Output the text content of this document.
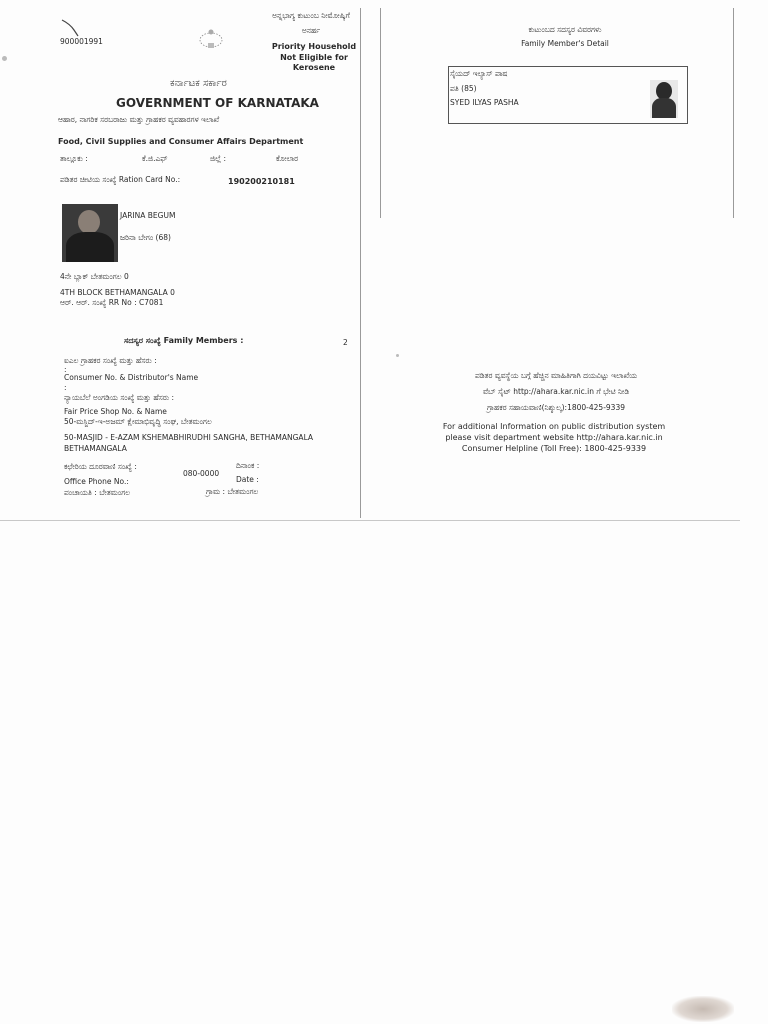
900001991
ಅನ್ನಭಾಗ್ಯ ಕುಟುಂಬ ನೀಮೋಷ್ಕಿಗೆ
ಅನರ್ಹ
Priority Household
Not Eligible for
Kerosene
ಕರ್ನಾಟಕ ಸರ್ಕಾರ
GOVERNMENT OF KARNATAKA
ಆಹಾರ, ನಾಗರಿಕ ಸರಬರಾಜು ಮತ್ತು ಗ್ರಾಹಕರ ವ್ಯವಹಾರಗಳ ಇಲಾಖೆ
Food, Civil Supplies and Consumer Affairs Department
ತಾಲ್ಲೂಕು :	ಕೆ.ಜಿ.ಎಫ್	ಜಿಲ್ಲೆ :	ಕೋಲಾರ
ಪಡಿತರ ಚೀಟಿಯ ಸಂಖ್ಯೆ Ration Card No.:	190200210181
JARINA BEGUM
ಜರಿನಾ ಬೇಗಂ (68)
4ನೇ ಬ್ಲಾಕ್ ಬೇತಮಂಗಲ 0
4TH BLOCK BETHAMANGALA 0
ಆರ್. ಆರ್. ಸಂಖ್ಯೆ RR No : C7081
ಸದಸ್ಯರ ಸಂಖ್ಯೆ Family Members :	2
ಐಎಲ ಗ್ರಾಹಕರ ಸಂಖ್ಯೆ ಮತ್ತು ಹೆಸರು :
:
Consumer No. & Distributor's Name
:
ನ್ಯಾಯಬೆಲೆ ಅಂಗಡಿಯ ಸಂಖ್ಯೆ ಮತ್ತು ಹೆಸರು :
Fair Price Shop No. & Name
50-ಮಸ್ಜಿದ್-ಇ-ಅಜಮ್ ಕ್ಷೇಮಾಭಿವೃದ್ಧಿ ಸಂಘ, ಬೇತಮಂಗಲ
50-MASJID - E-AZAM KSHEMABHIRUDHI SANGHA, BETHAMANGALA
BETHAMANGALA
ಕಛೇರಿಯ ದೂರವಾಣಿ ಸಂಖ್ಯೆ :
080-0000
ದಿನಾಂಕ :
Office Phone No.:	Date :
ಪಂಚಾಯತಿ : ಬೇತಮಂಗಲ	ಗ್ರಾಮ : ಬೇತಮಂಗಲ
ಕುಟುಂಬದ ಸದಸ್ಯರ ವಿವರಗಳು
Family Member's Detail
ಸೈಯದ್ ಇಲ್ಯಾಸ್ ಪಾಷ
ಪತಿ (85)
SYED ILYAS PASHA
ಪಡಿತರ ವ್ಯವಸ್ಥೆಯ ಬಗ್ಗೆ ಹೆಚ್ಚಿನ ಮಾಹಿತಿಗಾಗಿ ದಯವಿಟ್ಟು ಇಲಾಖೆಯ
ವೆಬ್ ಸೈಟ್ http://ahara.kar.nic.in ಗೆ ಭೇಟಿ ನೀಡಿ
ಗ್ರಾಹಕರ ಸಹಾಯವಾಣಿ(ನಿಶ್ಶುಲ್ಕ):1800-425-9339
For additional Information on public distribution system
please visit department website http://ahara.kar.nic.in
Consumer Helpline (Toll Free): 1800-425-9339
